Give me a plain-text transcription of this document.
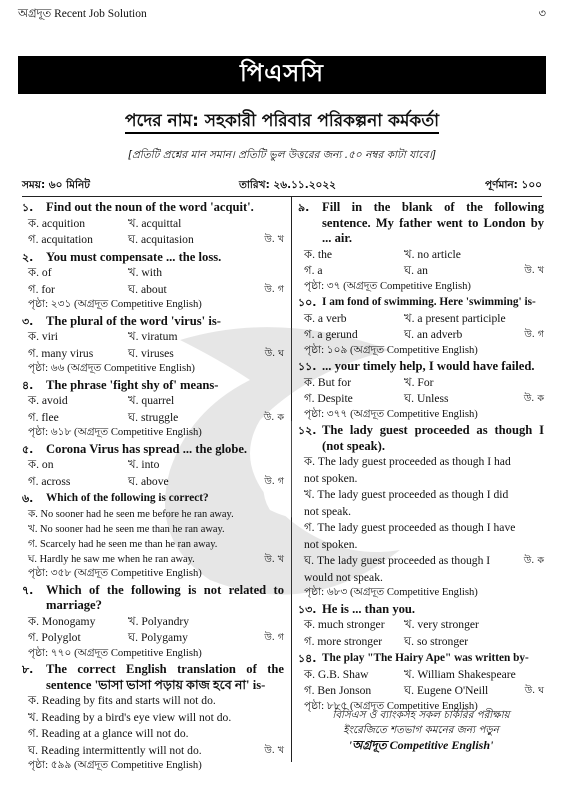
অগ্রদূত Recent Job Solution	৩
পিএসসি
পদের নাম: সহকারী পরিবার পরিকল্পনা কর্মকর্তা
[প্রতিটি প্রশ্নের মান সমান। প্রতিটি ভুল উত্তরের জন্য .৫০ নম্বর কাটা যাবে।]
সময়: ৬০ মিনিট	তারিখ: ২৬.১১.২০২২	পূর্ণমান: ১০০
১.	Find out the noun of the word 'acquit'.
ক. acquition	খ. acquittal
গ. acquitation	ঘ. acquitasion	উ. খ
২.	You must compensate ... the loss.
ক. of	খ. with
গ. for	ঘ. about	উ. গ
পৃষ্ঠা: ২৩১ (অগ্রদূত Competitive English)
৩.	The plural of the word 'virus' is-
ক. viri	খ. viratum
গ. many virus	ঘ. viruses	উ. ঘ
পৃষ্ঠা: ৬৬ (অগ্রদূত Competitive English)
৪.	The phrase 'fight shy of' means-
ক. avoid	খ. quarrel
গ. flee	ঘ. struggle	উ. ক
পৃষ্ঠা: ৬১৮ (অগ্রদূত Competitive English)
৫.	Corona Virus has spread ... the globe.
ক. on	খ. into
গ. across	ঘ. above	উ. গ
৬.	Which of the following is correct?
ক. No sooner had he seen me before he ran away.
খ. No sooner had he seen me than he ran away.
গ. Scarcely had he seen me than he ran away.
ঘ. Hardly he saw me when he ran away.	উ. খ
পৃষ্ঠা: ৩৫৮ (অগ্রদূত Competitive English)
৭.	Which of the following is not related to marriage?
ক. Monogamy	খ. Polyandry
গ. Polyglot	ঘ. Polygamy	উ. গ
পৃষ্ঠা: ৭৭০ (অগ্রদূত Competitive English)
৮.	The correct English translation of the sentence 'ভাসা ভাসা পড়ায় কাজ হবে না' is-
ক. Reading by fits and starts will not do.
খ. Reading by a bird's eye view will not do.
গ. Reading at a glance will not do.
ঘ. Reading intermittently will not do.	উ. খ
পৃষ্ঠা: ৫৯৯ (অগ্রদূত Competitive English)
৯.	Fill in the blank of the following sentence. My father went to London by ... air.
ক. the	খ. no article
গ. a	ঘ. an	উ. খ
পৃষ্ঠা: ৩৭ (অগ্রদূত Competitive English)
১০. I am fond of swimming. Here 'swimming' is-
ক. a verb	খ. a present participle
গ. a gerund	ঘ. an adverb	উ. গ
পৃষ্ঠা: ১০৯ (অগ্রদূত Competitive English)
১১. ... your timely help, I would have failed.
ক. But for	খ. For
গ. Despite	ঘ. Unless	উ. ক
পৃষ্ঠা: ৩৭৭ (অগ্রদূত Competitive English)
১২. The lady guest proceeded as though I (not speak).
ক. The lady guest proceeded as though I had not spoken.
খ. The lady guest proceeded as though I did not speak.
গ. The lady guest proceeded as though I have not spoken.
ঘ. The lady guest proceeded as though I would not speak.
উ. ক
পৃষ্ঠা: ৬৮৩ (অগ্রদূত Competitive English)
১৩. He is ... than you.
ক. much stronger	খ. very stronger
গ. more stronger	ঘ. so stronger
১৪. The play "The Hairy Ape" was written by-
ক. G.B. Shaw	খ. William Shakespeare
গ. Ben Jonson	ঘ. Eugene O'Neill	উ. ঘ
পৃষ্ঠা: ৮৮৫ (অগ্রদূত Competitive English)
বিসিএস ও ব্যাংকসহ সকল চাকরির পরীক্ষায়
ইংরেজিতে শতভাগ কমনের জন্য পড়ুন
'অগ্রদূত Competitive English'
